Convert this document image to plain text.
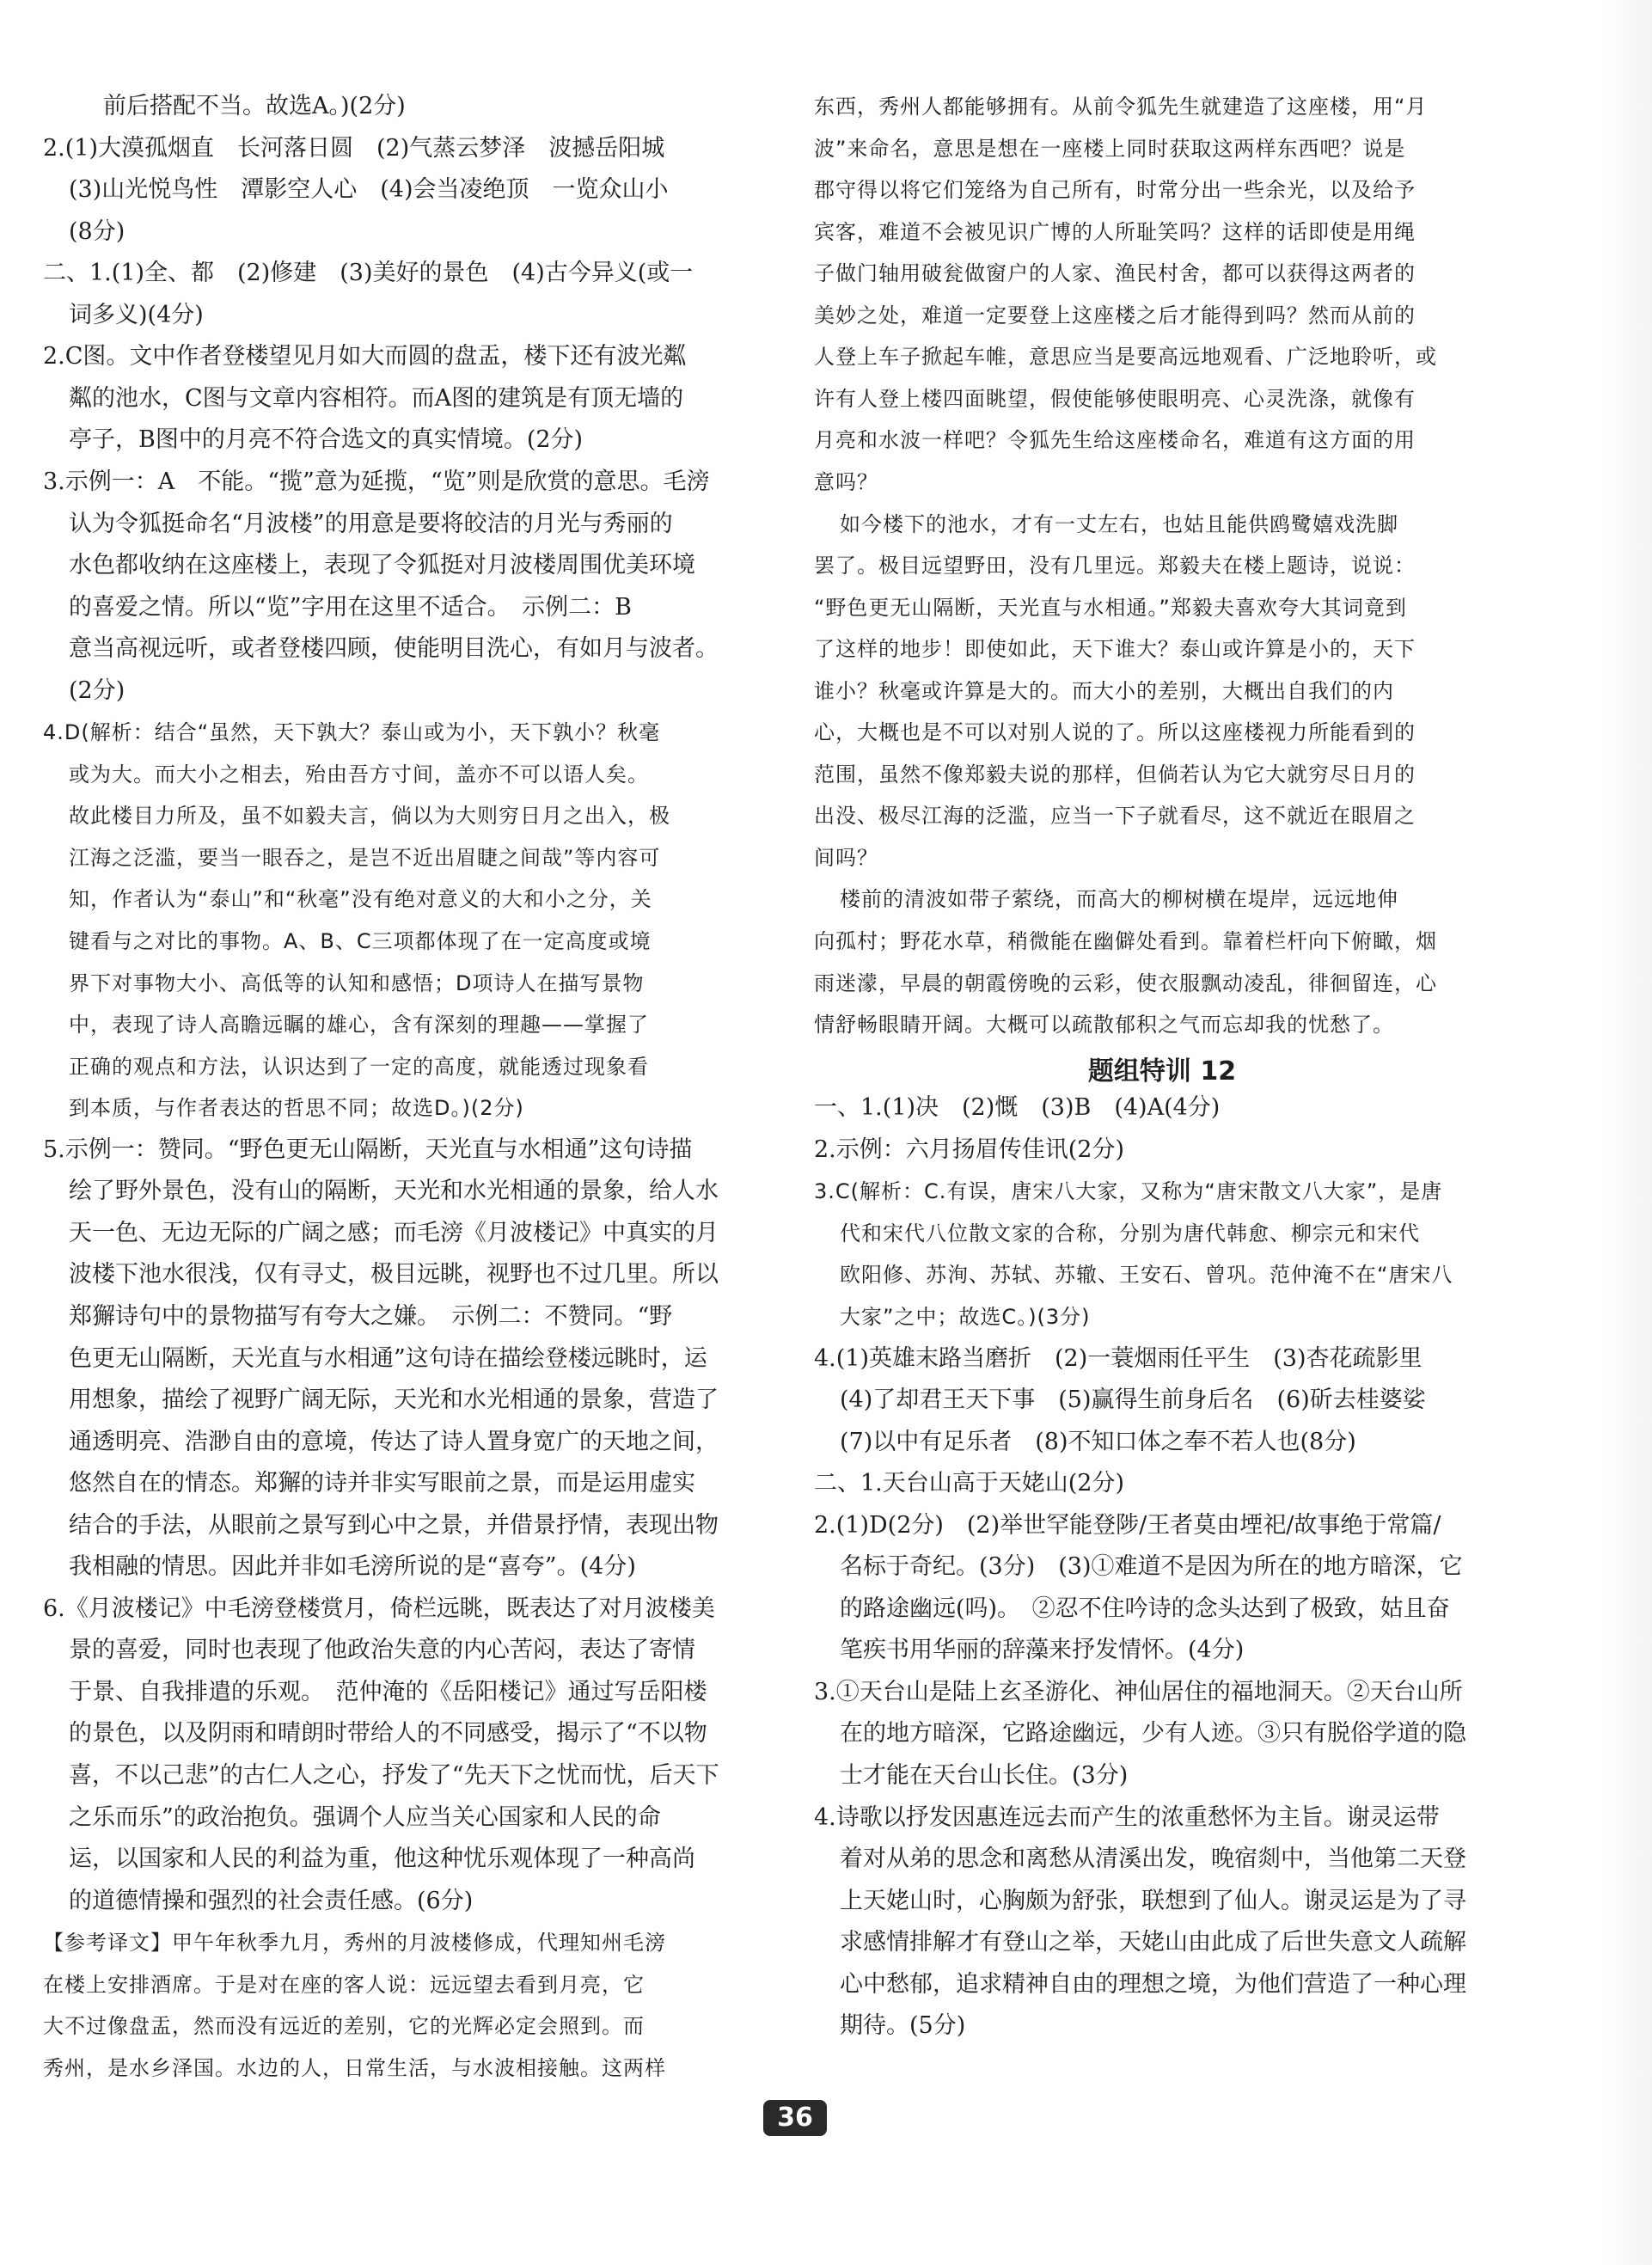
前后搭配不当。故选A。)(2分)
2.(1)大漠孤烟直　长河落日圆　(2)气蒸云梦泽　波撼岳阳城
(3)山光悦鸟性　潭影空人心　(4)会当凌绝顶　一览众山小
(8分)
二、1.(1)全、都　(2)修建　(3)美好的景色　(4)古今异义(或一
词多义)(4分)
2.C图。文中作者登楼望见月如大而圆的盘盂，楼下还有波光粼
粼的池水，C图与文章内容相符。而A图的建筑是有顶无墙的
亭子，B图中的月亮不符合选文的真实情境。(2分)
3.示例一：A　不能。“揽”意为延揽，“览”则是欣赏的意思。毛滂
认为令狐挺命名“月波楼”的用意是要将皎洁的月光与秀丽的
水色都收纳在这座楼上，表现了令狐挺对月波楼周围优美环境
的喜爱之情。所以“览”字用在这里不适合。　示例二：B
意当高视远听，或者登楼四顾，使能明目洗心，有如月与波者。
(2分)
4.D(解析：结合“虽然，天下孰大？泰山或为小，天下孰小？秋毫
或为大。而大小之相去，殆由吾方寸间，盖亦不可以语人矣。
故此楼目力所及，虽不如毅夫言，倘以为大则穷日月之出入，极
江海之泛滥，要当一眼吞之，是岂不近出眉睫之间哉”等内容可
知，作者认为“泰山”和“秋毫”没有绝对意义的大和小之分，关
键看与之对比的事物。A、B、C三项都体现了在一定高度或境
界下对事物大小、高低等的认知和感悟；D项诗人在描写景物
中，表现了诗人高瞻远瞩的雄心，含有深刻的理趣——掌握了
正确的观点和方法，认识达到了一定的高度，就能透过现象看
到本质，与作者表达的哲思不同；故选D。)(2分)
5.示例一：赞同。“野色更无山隔断，天光直与水相通”这句诗描
绘了野外景色，没有山的隔断，天光和水光相通的景象，给人水
天一色、无边无际的广阔之感；而毛滂《月波楼记》中真实的月
波楼下池水很浅，仅有寻丈，极目远眺，视野也不过几里。所以
郑獬诗句中的景物描写有夸大之嫌。　示例二：不赞同。“野
色更无山隔断，天光直与水相通”这句诗在描绘登楼远眺时，运
用想象，描绘了视野广阔无际，天光和水光相通的景象，营造了
通透明亮、浩渺自由的意境，传达了诗人置身宽广的天地之间，
悠然自在的情态。郑獬的诗并非实写眼前之景，而是运用虚实
结合的手法，从眼前之景写到心中之景，并借景抒情，表现出物
我相融的情思。因此并非如毛滂所说的是“喜夸”。(4分)
6.《月波楼记》中毛滂登楼赏月，倚栏远眺，既表达了对月波楼美
景的喜爱，同时也表现了他政治失意的内心苦闷，表达了寄情
于景、自我排遣的乐观。　范仲淹的《岳阳楼记》通过写岳阳楼
的景色，以及阴雨和晴朗时带给人的不同感受，揭示了“不以物
喜，不以己悲”的古仁人之心，抒发了“先天下之忧而忧，后天下
之乐而乐”的政治抱负。强调个人应当关心国家和人民的命
运，以国家和人民的利益为重，他这种忧乐观体现了一种高尚
的道德情操和强烈的社会责任感。(6分)
【参考译文】甲午年秋季九月，秀州的月波楼修成，代理知州毛滂
在楼上安排酒席。于是对在座的客人说：远远望去看到月亮，它
大不过像盘盂，然而没有远近的差别，它的光辉必定会照到。而
秀州，是水乡泽国。水边的人，日常生活，与水波相接触。这两样
东西，秀州人都能够拥有。从前令狐先生就建造了这座楼，用“月
波”来命名，意思是想在一座楼上同时获取这两样东西吧？说是
郡守得以将它们笼络为自己所有，时常分出一些余光，以及给予
宾客，难道不会被见识广博的人所耻笑吗？这样的话即使是用绳
子做门轴用破瓮做窗户的人家、渔民村舍，都可以获得这两者的
美妙之处，难道一定要登上这座楼之后才能得到吗？然而从前的
人登上车子掀起车帷，意思应当是要高远地观看、广泛地聆听，或
许有人登上楼四面眺望，假使能够使眼明亮、心灵洗涤，就像有
月亮和水波一样吧？令狐先生给这座楼命名，难道有这方面的用
意吗？
如今楼下的池水，才有一丈左右，也姑且能供鸥鹭嬉戏洗脚
罢了。极目远望野田，没有几里远。郑毅夫在楼上题诗，说说：
“野色更无山隔断，天光直与水相通。”郑毅夫喜欢夸大其词竟到
了这样的地步！即使如此，天下谁大？泰山或许算是小的，天下
谁小？秋毫或许算是大的。而大小的差别，大概出自我们的内
心，大概也是不可以对别人说的了。所以这座楼视力所能看到的
范围，虽然不像郑毅夫说的那样，但倘若认为它大就穷尽日月的
出没、极尽江海的泛滥，应当一下子就看尽，这不就近在眼眉之
间吗？
楼前的清波如带子萦绕，而高大的柳树横在堤岸，远远地伸
向孤村；野花水草，稍微能在幽僻处看到。靠着栏杆向下俯瞰，烟
雨迷濛，早晨的朝霞傍晚的云彩，使衣服飘动凌乱，徘徊留连，心
情舒畅眼睛开阔。大概可以疏散郁积之气而忘却我的忧愁了。
题组特训 12
一、1.(1)决　(2)慨　(3)B　(4)A(4分)
2.示例：六月扬眉传佳讯(2分)
3.C(解析：C.有误，唐宋八大家，又称为“唐宋散文八大家”，是唐
代和宋代八位散文家的合称，分别为唐代韩愈、柳宗元和宋代
欧阳修、苏洵、苏轼、苏辙、王安石、曾巩。范仲淹不在“唐宋八
大家”之中；故选C。)(3分)
4.(1)英雄末路当磨折　(2)一蓑烟雨任平生　(3)杏花疏影里
(4)了却君王天下事　(5)赢得生前身后名　(6)斫去桂婆娑
(7)以中有足乐者　(8)不知口体之奉不若人也(8分)
二、1.天台山高于天姥山(2分)
2.(1)D(2分)　(2)举世罕能登陟/王者莫由堙祀/故事绝于常篇/
名标于奇纪。(3分)　(3)①难道不是因为所在的地方暗深，它
的路途幽远(吗)。　②忍不住吟诗的念头达到了极致，姑且奋
笔疾书用华丽的辞藻来抒发情怀。(4分)
3.①天台山是陆上玄圣游化、神仙居住的福地洞天。②天台山所
在的地方暗深，它路途幽远，少有人迹。③只有脱俗学道的隐
士才能在天台山长住。(3分)
4.诗歌以抒发因惠连远去而产生的浓重愁怀为主旨。谢灵运带
着对从弟的思念和离愁从清溪出发，晚宿剡中，当他第二天登
上天姥山时，心胸颇为舒张，联想到了仙人。谢灵运是为了寻
求感情排解才有登山之举，天姥山由此成了后世失意文人疏解
心中愁郁，追求精神自由的理想之境，为他们营造了一种心理
期待。(5分)
36
